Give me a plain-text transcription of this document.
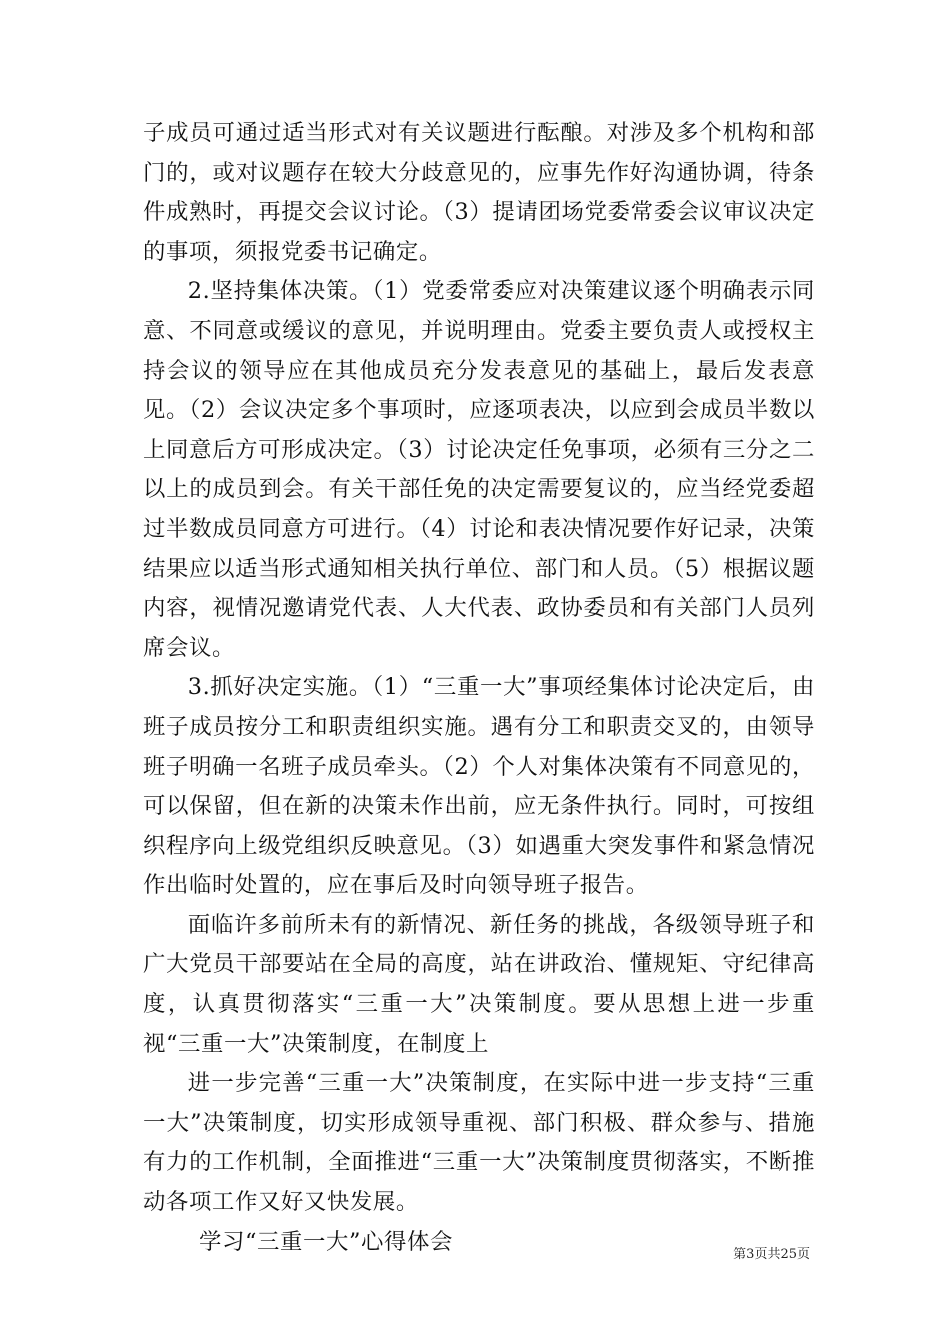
子成员可通过适当形式对有关议题进行酝酿。对涉及多个机构和部门的，或对议题存在较大分歧意见的，应事先作好沟通协调，待条件成熟时，再提交会议讨论。（3）提请团场党委常委会议审议决定的事项，须报党委书记确定。

2.坚持集体决策。（1）党委常委应对决策建议逐个明确表示同意、不同意或缓议的意见，并说明理由。党委主要负责人或授权主持会议的领导应在其他成员充分发表意见的基础上，最后发表意见。（2）会议决定多个事项时，应逐项表决，以应到会成员半数以上同意后方可形成决定。（3）讨论决定任免事项，必须有三分之二以上的成员到会。有关干部任免的决定需要复议的，应当经党委超过半数成员同意方可进行。（4）讨论和表决情况要作好记录，决策结果应以适当形式通知相关执行单位、部门和人员。（5）根据议题内容，视情况邀请党代表、人大代表、政协委员和有关部门人员列席会议。

3.抓好决定实施。（1）“三重一大”事项经集体讨论决定后，由班子成员按分工和职责组织实施。遇有分工和职责交叉的，由领导班子明确一名班子成员牵头。（2）个人对集体决策有不同意见的，可以保留，但在新的决策未作出前，应无条件执行。同时，可按组织程序向上级党组织反映意见。（3）如遇重大突发事件和紧急情况作出临时处置的，应在事后及时向领导班子报告。

面临许多前所未有的新情况、新任务的挑战，各级领导班子和广大党员干部要站在全局的高度，站在讲政治、懂规矩、守纪律高度，认真贯彻落实“三重一大”决策制度。要从思想上进一步重视“三重一大”决策制度，在制度上

进一步完善“三重一大”决策制度，在实际中进一步支持“三重一大”决策制度，切实形成领导重视、部门积极、群众参与、措施有力的工作机制，全面推进“三重一大”决策制度贯彻落实，不断推动各项工作又好又快发展。

学习“三重一大”心得体会	第3页共25页
